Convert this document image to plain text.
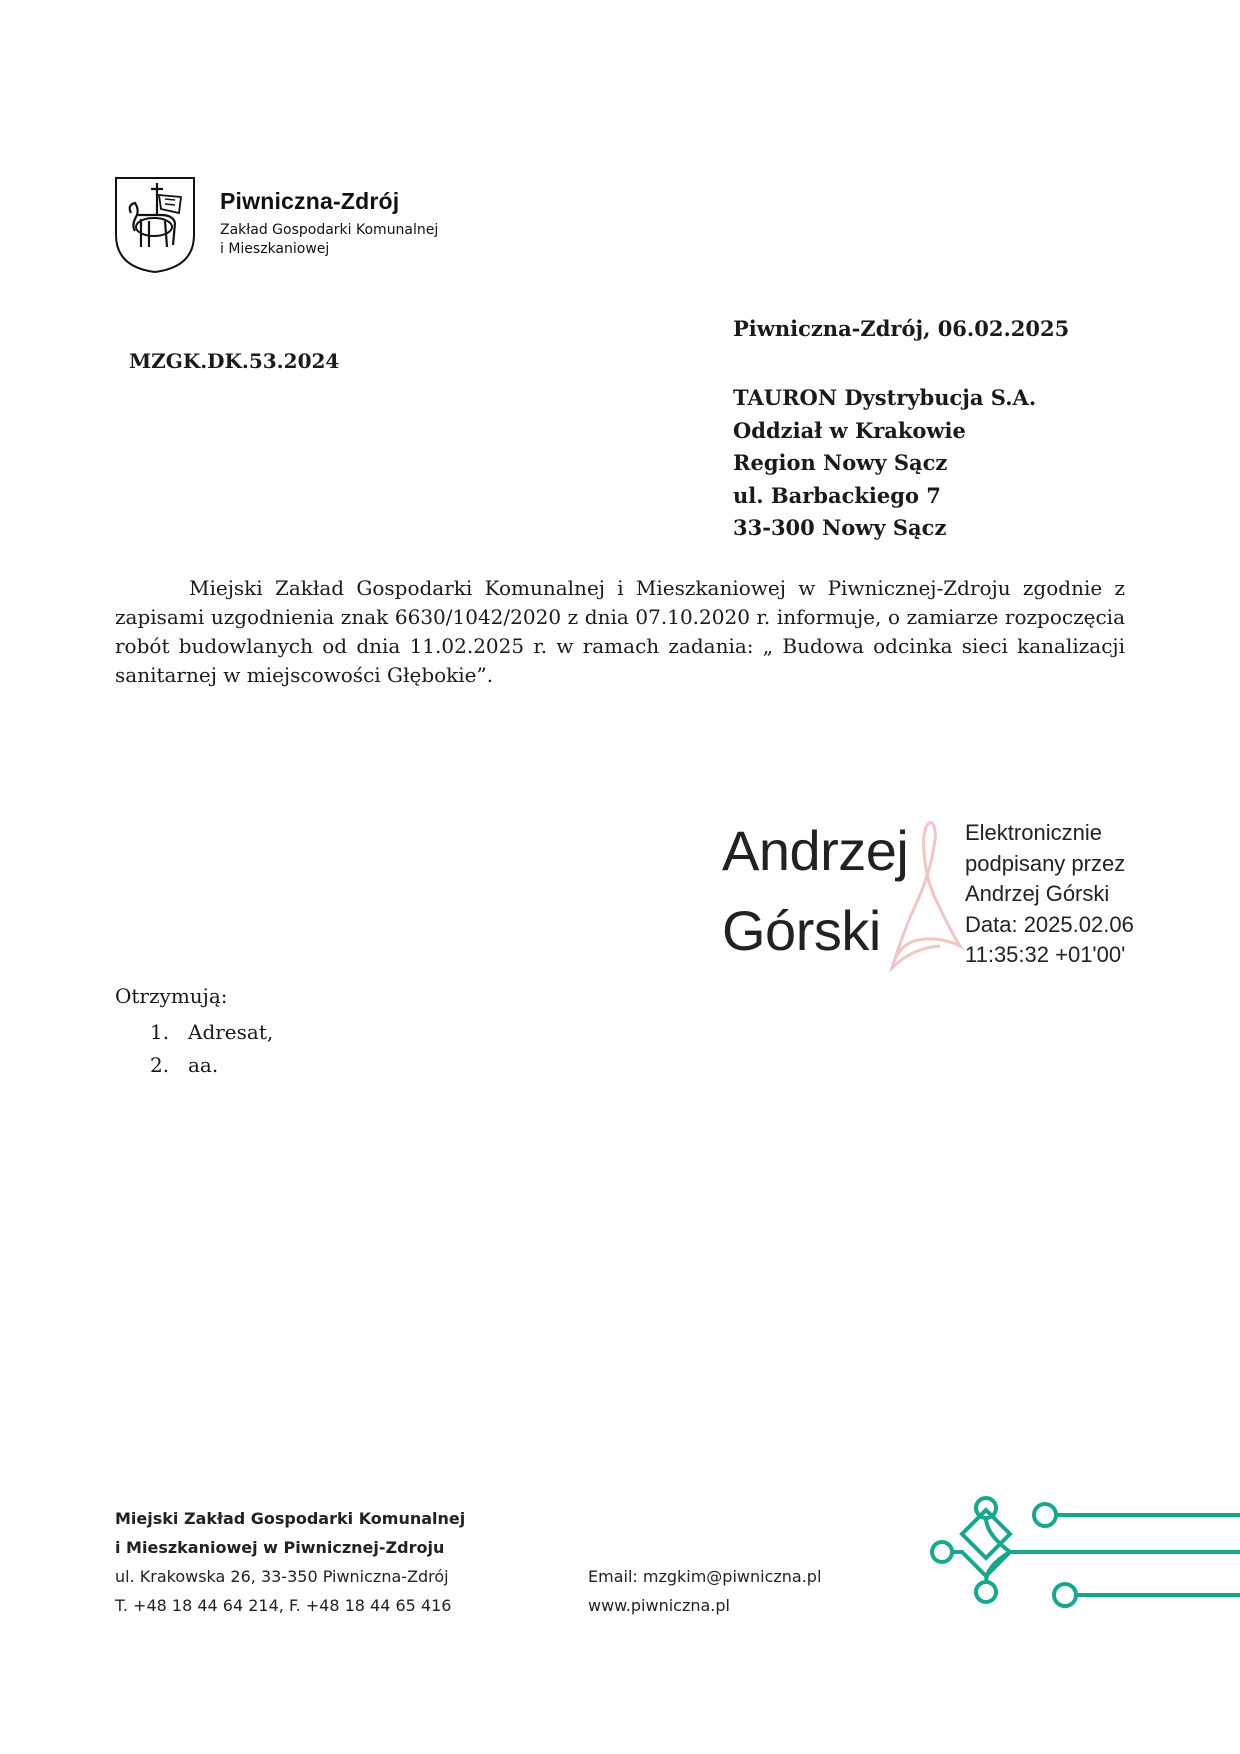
Piwniczna-Zdrój
Zakład Gospodarki Komunalnej
i Mieszkaniowej
Piwniczna-Zdrój, 06.02.2025
MZGK.DK.53.2024
TAURON Dystrybucja S.A.
Oddział w Krakowie
Region Nowy Sącz
ul. Barbackiego 7
33-300 Nowy Sącz

Miejski Zakład Gospodarki Komunalnej i Mieszkaniowej w Piwnicznej-Zdroju zgodnie z zapisami uzgodnienia znak 6630/1042/2020 z dnia 07.10.2020 r. informuje, o zamiarze rozpoczęcia robót budowlanych od dnia 11.02.2025 r. w ramach zadania: „ Budowa odcinka sieci kanalizacji sanitarnej w miejscowości Głębokie”.

Andrzej
Górski
Elektronicznie
podpisany przez
Andrzej Górski
Data: 2025.02.06
11:35:32 +01'00'
Otrzymują:
1. Adresat,
2. aa.
Miejski Zakład Gospodarki Komunalnej
i Mieszkaniowej w Piwnicznej-Zdroju
ul. Krakowska 26, 33-350 Piwniczna-Zdrój
T. +48 18 44 64 214, F. +48 18 44 65 416
Email: mzgkim@piwniczna.pl
www.piwniczna.pl
